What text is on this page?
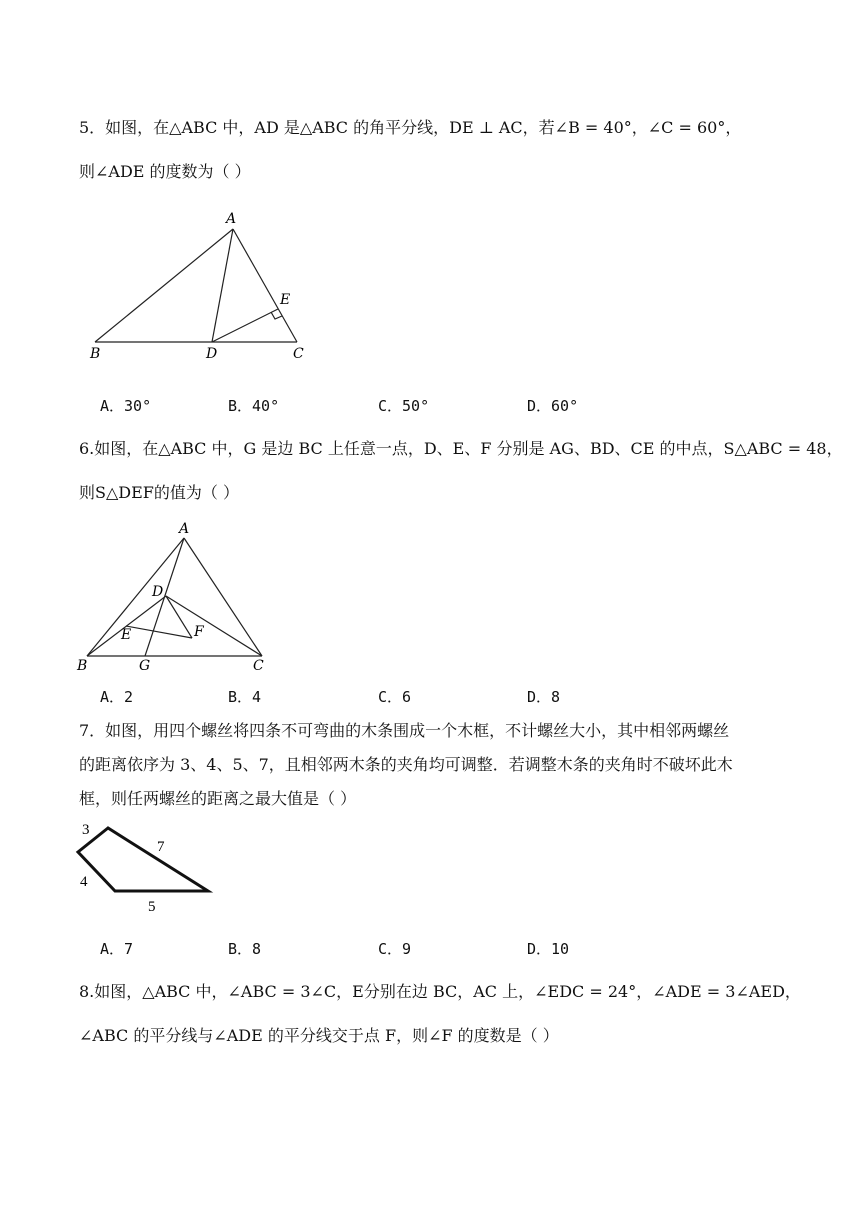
5．如图，在△ABC 中，AD 是△ABC 的角平分线，DE ⊥ AC，若∠B = 40°，∠C = 60°，
则∠ADE 的度数为（ ）
A
B	C
D
E
A．30°	B．40°	C．50°	D．60°
6.如图，在△ABC 中，G 是边 BC 上任意一点，D、E、F 分别是 AG、BD、CE 的中点，S△ABC = 48，
则S△DEF的值为（ ）
A
B	C
D
E	F
G
A．2	B．4	C．6	D．8
7．如图，用四个螺丝将四条不可弯曲的木条围成一个木框，不计螺丝大小，其中相邻两螺丝
的距离依序为 3、4、5、7，且相邻两木条的夹角均可调整．若调整木条的夹角时不破坏此木
框，则任两螺丝的距离之最大值是（ ）
3
7
4
5
A．7	B．8	C．9	D．10
8.如图，△ABC 中，∠ABC = 3∠C，E分别在边 BC，AC 上，∠EDC = 24°，∠ADE = 3∠AED，
∠ABC 的平分线与∠ADE 的平分线交于点 F，则∠F 的度数是（ ）
